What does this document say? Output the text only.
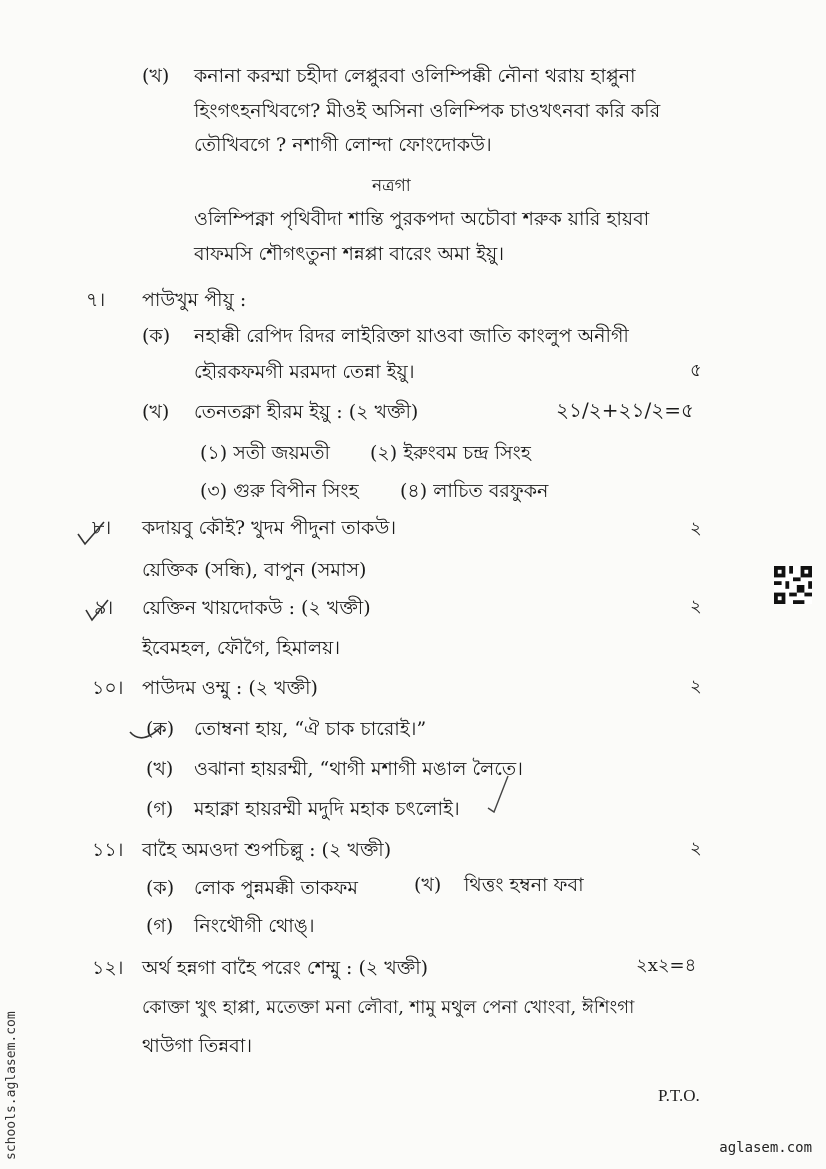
(খ) কনানা করম্মা চহীদা লেপ্পুরবা ওলিম্পিক্কী নৌনা থরায় হাপ্পুনা
হিংগৎহনখিবগে? মীওই অসিনা ওলিম্পিক চাওখৎনবা করি করি
তৌখিবগে ? নশাগী লোন্দা ফোংদোকউ।
নত্রগা
ওলিম্পিক্না পৃথিবীদা শান্তি পুরকপদা অচৌবা শরুক য়ারি হায়বা
বাফমসি শৌগৎতুনা শন্নপ্পা বারেং অমা ইয়ু।
৭। পাউখুম পীয়ু :
(ক) নহাক্কী রেপিদ রিদর লাইরিক্তা য়াওবা জাতি কাংলুপ অনীগী
হৌরকফমগী মরমদা তেন্না ইয়ু।	৫
(খ) তেনতক্না হীরম ইয়ু : (২ খক্তী)	২১/২+২১/২=৫
(১) সতী জয়মতী (২) ইরুংবম চন্দ্র সিংহ
(৩) গুরু বিপীন সিংহ (৪) লাচিত বরফুকন
৮। কদায়বু কৌই? খুদম পীদুনা তাকউ।	২
য়েক্তিক (সন্ধি), বাপুন (সমাস)
৯। য়েক্তিন খায়দোকউ : (২ খক্তী)	২
ইবেমহল, ফৌগৈ, হিমালয়।
১০। পাউদম ওম্মু : (২ খক্তী)	২
(ক) তোম্বনা হায়, “ঐ চাক চারোই।”
(খ) ওঝানা হায়রম্মী, “থাগী মশাগী মঙাল লৈতে।
(গ) মহাক্না হায়রম্মী মদুদি মহাক চৎলোই।
১১। বাহৈ অমওদা শুপচিল্লু : (২ খক্তী)	২
(ক) লোক পুন্নমক্কী তাকফম	(খ) থিত্তং হম্বনা ফবা
(গ) নিংথৌগী থোঙ্।
১২। অর্থ হন্নগা বাহৈ পরেং শেম্মু : (২ খক্তী)	২x২=৪
কোক্তা খুৎ হাপ্পা, মতেক্তা মনা লৌবা, শামু মথুল পেনা খোংবা, ঈশিংগা
থাউগা তিন্নবা।
P.T.O.
aglasem.com
schools.aglasem.com
